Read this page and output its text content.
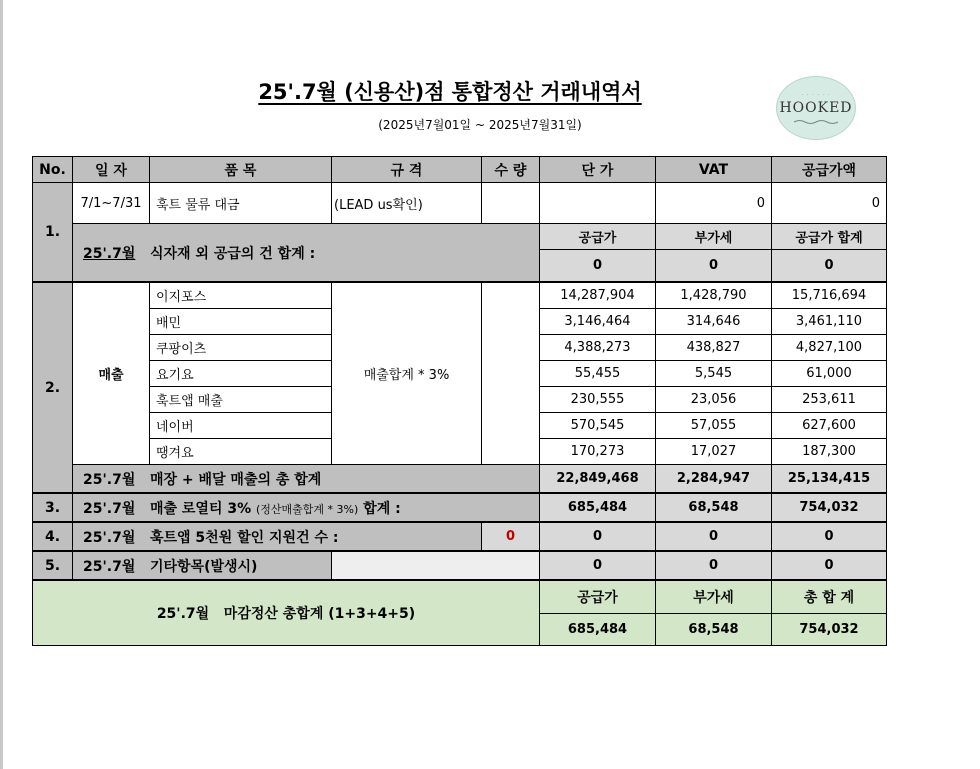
25'.7월 (신용산)점 통합정산 거래내역서
(2025년7월01일 ~ 2025년7월31일)
· · · · · ·
HOOKED
No.	일 자	품 목	규 격	수 량	단 가	VAT	공급가액
1.	7/1~7/31	훅트 물류 대금	(LEAD us확인)			0	0
	25'.7월 식자재 외 공급의 건 합계 :				공급가	부가세	공급가 합계
					0	0	0
2.	매출	이지포스	매출합계 * 3%		14,287,904	1,428,790	15,716,694
		배민			3,146,464	314,646	3,461,110
		쿠팡이츠			4,388,273	438,827	4,827,100
		요기요			55,455	5,545	61,000
		훅트앱 매출			230,555	23,056	253,611
		네이버			570,545	57,055	627,600
		땡겨요			170,273	17,027	187,300
	25'.7월 매장 + 배달 매출의 총 합계				22,849,468	2,284,947	25,134,415
3.	25'.7월 매출 로열티 3% (정산매출합계 * 3%) 합계 :				685,484	68,548	754,032
4.	25'.7월 훅트앱 5천원 할인 지원건 수 :			0	0	0	0
5.	25'.7월 기타항목(발생시)				0	0	0
25'.7월 마감정산 총합계 (1+3+4+5)					공급가	부가세	총 합 계
					685,484	68,548	754,032
